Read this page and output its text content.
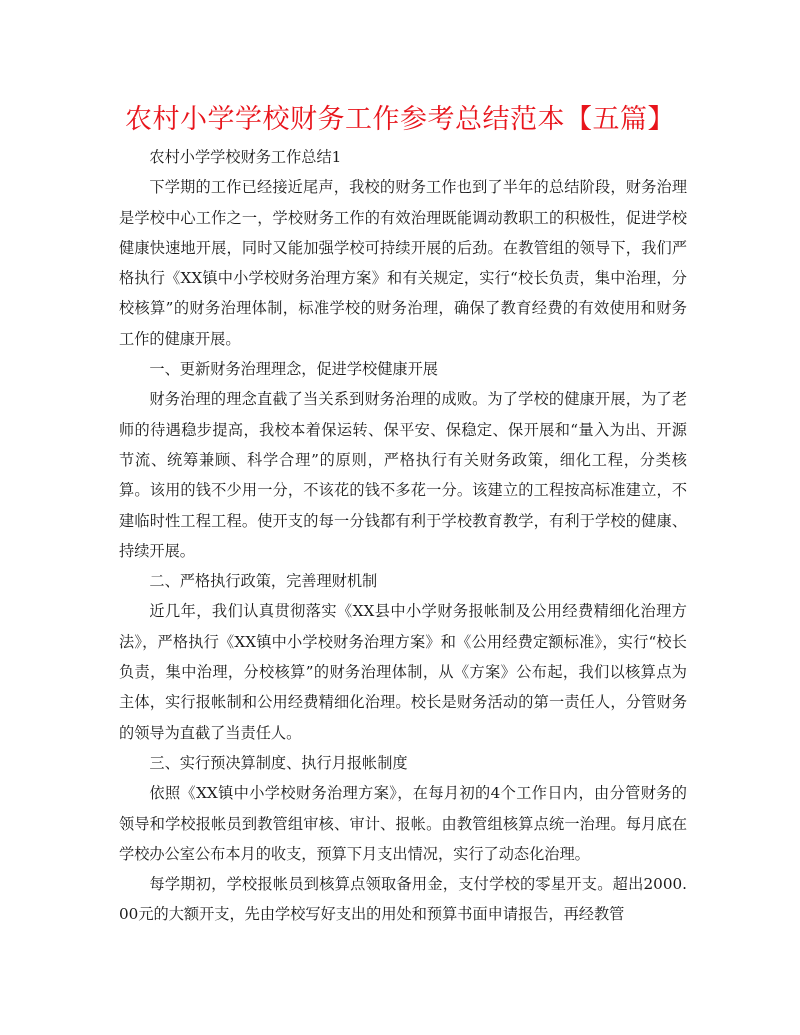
农村小学学校财务工作参考总结范本【五篇】

农村小学学校财务工作总结1

下学期的工作已经接近尾声，我校的财务工作也到了半年的总结阶段，财务治理是学校中心工作之一，学校财务工作的有效治理既能调动教职工的积极性，促进学校健康快速地开展，同时又能加强学校可持续开展的后劲。在教管组的领导下，我们严格执行《XX镇中小学校财务治理方案》和有关规定，实行“校长负责，集中治理，分校核算”的财务治理体制，标准学校的财务治理，确保了教育经费的有效使用和财务工作的健康开展。

一、更新财务治理理念，促进学校健康开展

财务治理的理念直截了当关系到财务治理的成败。为了学校的健康开展，为了老师的待遇稳步提高，我校本着保运转、保平安、保稳定、保开展和“量入为出、开源节流、统筹兼顾、科学合理”的原则，严格执行有关财务政策，细化工程，分类核算。该用的钱不少用一分，不该花的钱不多花一分。该建立的工程按高标准建立，不建临时性工程工程。使开支的每一分钱都有利于学校教育教学，有利于学校的健康、持续开展。

二、严格执行政策，完善理财机制

近几年，我们认真贯彻落实《XX县中小学财务报帐制及公用经费精细化治理方法》，严格执行《XX镇中小学校财务治理方案》和《公用经费定额标准》，实行“校长负责，集中治理，分校核算”的财务治理体制，从《方案》公布起，我们以核算点为主体，实行报帐制和公用经费精细化治理。校长是财务活动的第一责任人，分管财务的领导为直截了当责任人。

三、实行预决算制度、执行月报帐制度

依照《XX镇中小学校财务治理方案》，在每月初的4个工作日内，由分管财务的领导和学校报帐员到教管组审核、审计、报帐。由教管组核算点统一治理。每月底在学校办公室公布本月的收支，预算下月支出情况，实行了动态化治理。

每学期初，学校报帐员到核算点领取备用金，支付学校的零星开支。超出2000.00元的大额开支，先由学校写好支出的用处和预算书面申请报告，再经教管
